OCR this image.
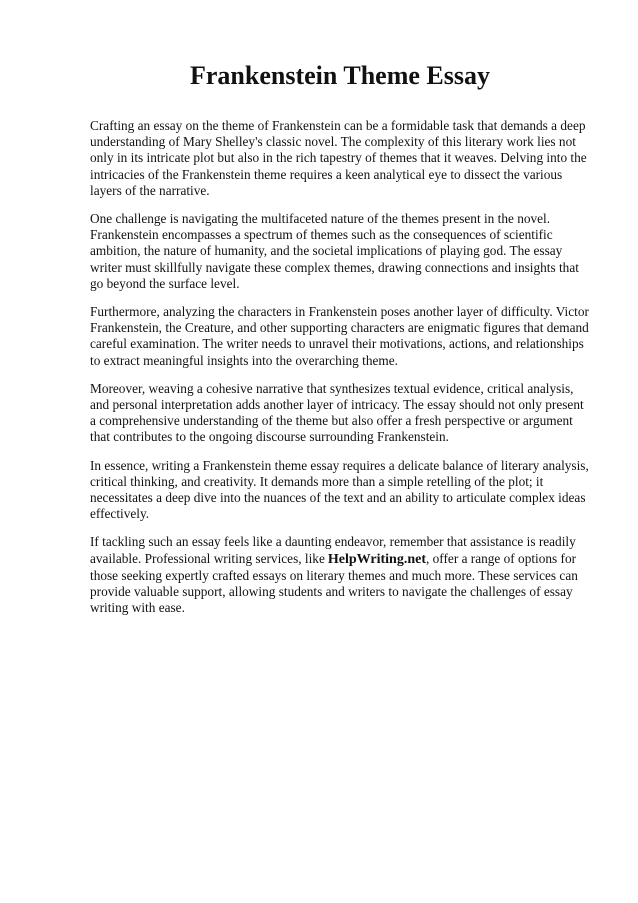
Frankenstein Theme Essay

Crafting an essay on the theme of Frankenstein can be a formidable task that demands a deep understanding of Mary Shelley's classic novel. The complexity of this literary work lies not only in its intricate plot but also in the rich tapestry of themes that it weaves. Delving into the intricacies of the Frankenstein theme requires a keen analytical eye to dissect the various layers of the narrative.

One challenge is navigating the multifaceted nature of the themes present in the novel. Frankenstein encompasses a spectrum of themes such as the consequences of scientific ambition, the nature of humanity, and the societal implications of playing god. The essay writer must skillfully navigate these complex themes, drawing connections and insights that go beyond the surface level.

Furthermore, analyzing the characters in Frankenstein poses another layer of difficulty. Victor Frankenstein, the Creature, and other supporting characters are enigmatic figures that demand careful examination. The writer needs to unravel their motivations, actions, and relationships to extract meaningful insights into the overarching theme.

Moreover, weaving a cohesive narrative that synthesizes textual evidence, critical analysis, and personal interpretation adds another layer of intricacy. The essay should not only present a comprehensive understanding of the theme but also offer a fresh perspective or argument that contributes to the ongoing discourse surrounding Frankenstein.

In essence, writing a Frankenstein theme essay requires a delicate balance of literary analysis, critical thinking, and creativity. It demands more than a simple retelling of the plot; it necessitates a deep dive into the nuances of the text and an ability to articulate complex ideas effectively.

If tackling such an essay feels like a daunting endeavor, remember that assistance is readily available. Professional writing services, like HelpWriting.net, offer a range of options for those seeking expertly crafted essays on literary themes and much more. These services can provide valuable support, allowing students and writers to navigate the challenges of essay writing with ease.
